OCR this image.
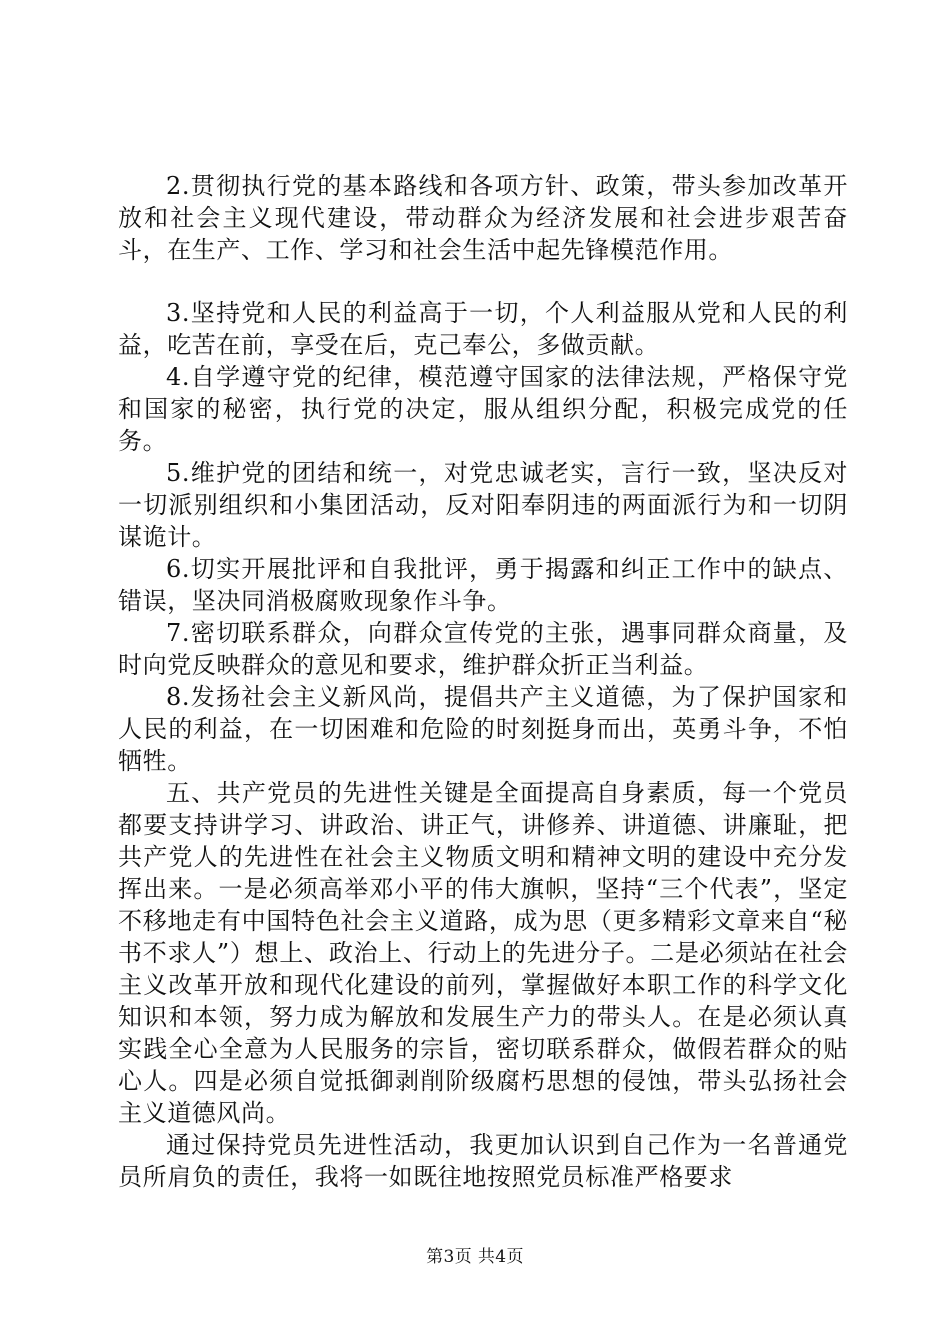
2.贯彻执行党的基本路线和各项方针、政策，带头参加改革开放和社会主义现代建设，带动群众为经济发展和社会进步艰苦奋斗，在生产、工作、学习和社会生活中起先锋模范作用。

3.坚持党和人民的利益高于一切，个人利益服从党和人民的利益，吃苦在前，享受在后，克己奉公，多做贡献。

4.自学遵守党的纪律，模范遵守国家的法律法规，严格保守党和国家的秘密，执行党的决定，服从组织分配，积极完成党的任务。

5.维护党的团结和统一，对党忠诚老实，言行一致，坚决反对一切派别组织和小集团活动，反对阳奉阴违的两面派行为和一切阴谋诡计。

6.切实开展批评和自我批评，勇于揭露和纠正工作中的缺点、错误，坚决同消极腐败现象作斗争。

7.密切联系群众，向群众宣传党的主张，遇事同群众商量，及时向党反映群众的意见和要求，维护群众折正当利益。

8.发扬社会主义新风尚，提倡共产主义道德，为了保护国家和人民的利益，在一切困难和危险的时刻挺身而出，英勇斗争，不怕牺牲。

五、共产党员的先进性关键是全面提高自身素质，每一个党员都要支持讲学习、讲政治、讲正气，讲修养、讲道德、讲廉耻，把共产党人的先进性在社会主义物质文明和精神文明的建设中充分发挥出来。一是必须高举邓小平的伟大旗帜，坚持“三个代表”，坚定不移地走有中国特色社会主义道路，成为思（更多精彩文章来自“秘书不求人”）想上、政治上、行动上的先进分子。二是必须站在社会主义改革开放和现代化建设的前列，掌握做好本职工作的科学文化知识和本领，努力成为解放和发展生产力的带头人。在是必须认真实践全心全意为人民服务的宗旨，密切联系群众，做假若群众的贴心人。四是必须自觉抵御剥削阶级腐朽思想的侵蚀，带头弘扬社会主义道德风尚。

通过保持党员先进性活动，我更加认识到自己作为一名普通党员所肩负的责任，我将一如既往地按照党员标准严格要求

第3页 共4页
